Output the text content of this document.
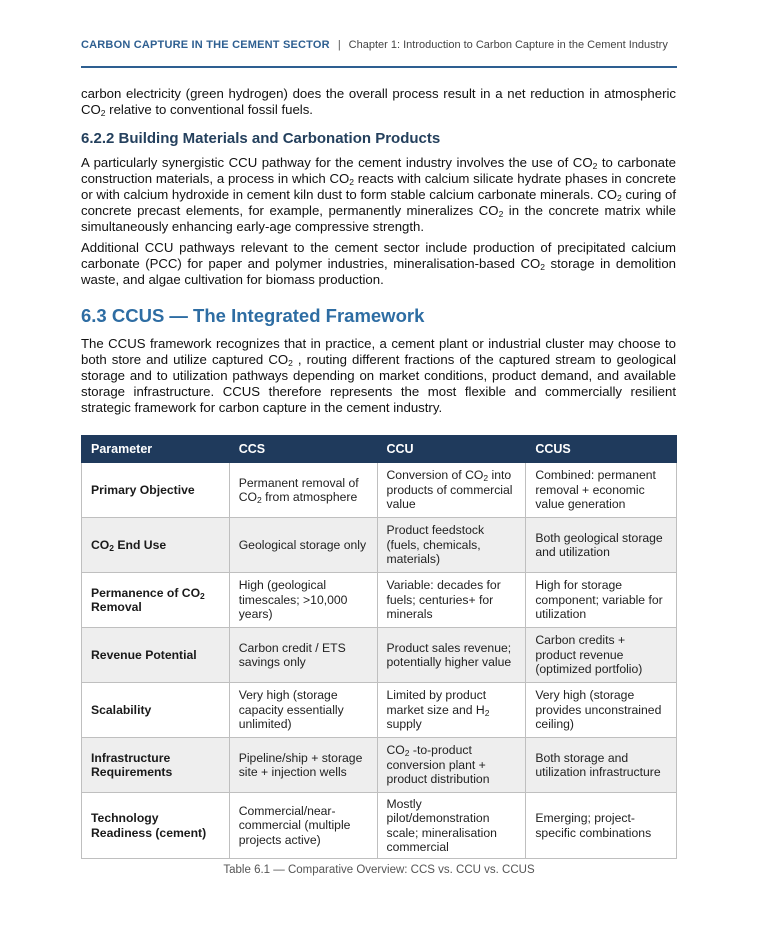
CARBON CAPTURE IN THE CEMENT SECTOR | Chapter 1: Introduction to Carbon Capture in the Cement Industry

carbon electricity (green hydrogen) does the overall process result in a net reduction in atmospheric $CO_2$ relative to conventional fossil fuels.

6.2.2 Building Materials and Carbonation Products

A particularly synergistic CCU pathway for the cement industry involves the use of $CO_2$ to carbonate construction materials, a process in which $CO_2$ reacts with calcium silicate hydrate phases in concrete or with calcium hydroxide in cement kiln dust to form stable calcium carbonate minerals. $CO_2$ curing of concrete precast elements, for example, permanently mineralizes $CO_2$ in the concrete matrix while simultaneously enhancing early-age compressive strength.

Additional CCU pathways relevant to the cement sector include production of precipitated calcium carbonate (PCC) for paper and polymer industries, mineralisation-based $CO_2$ storage in demolition waste, and algae cultivation for biomass production.

6.3 CCUS — The Integrated Framework

The CCUS framework recognizes that in practice, a cement plant or industrial cluster may choose to both store and utilize captured $CO_2$ , routing different fractions of the captured stream to geological storage and to utilization pathways depending on market conditions, product demand, and available storage infrastructure. CCUS therefore represents the most flexible and commercially resilient strategic framework for carbon capture in the cement industry.

Parameter	CCS	CCU	CCUS
Primary Objective	Permanent removal of $CO_2$ from atmosphere	Conversion of $CO_2$ into products of commercial value	Combined: permanent removal + economic value generation
$CO_2$ End Use	Geological storage only	Product feedstock (fuels, chemicals, materials)	Both geological storage and utilization
Permanence of $CO_2$ Removal	High (geological timescales; >10,000 years)	Variable: decades for fuels; centuries+ for minerals	High for storage component; variable for utilization
Revenue Potential	Carbon credit / ETS savings only	Product sales revenue; potentially higher value	Carbon credits + product revenue (optimized portfolio)
Scalability	Very high (storage capacity essentially unlimited)	Limited by product market size and $H_2$ supply	Very high (storage provides unconstrained ceiling)
Infrastructure Requirements	Pipeline/ship + storage site + injection wells	$CO_2$ -to-product conversion plant + product distribution	Both storage and utilization infrastructure
Technology Readiness (cement)	Commercial/near-commercial (multiple projects active)	Mostly pilot/demonstration scale; mineralisation commercial	Emerging; project-specific combinations
Table 6.1 — Comparative Overview: CCS vs. CCU vs. CCUS
